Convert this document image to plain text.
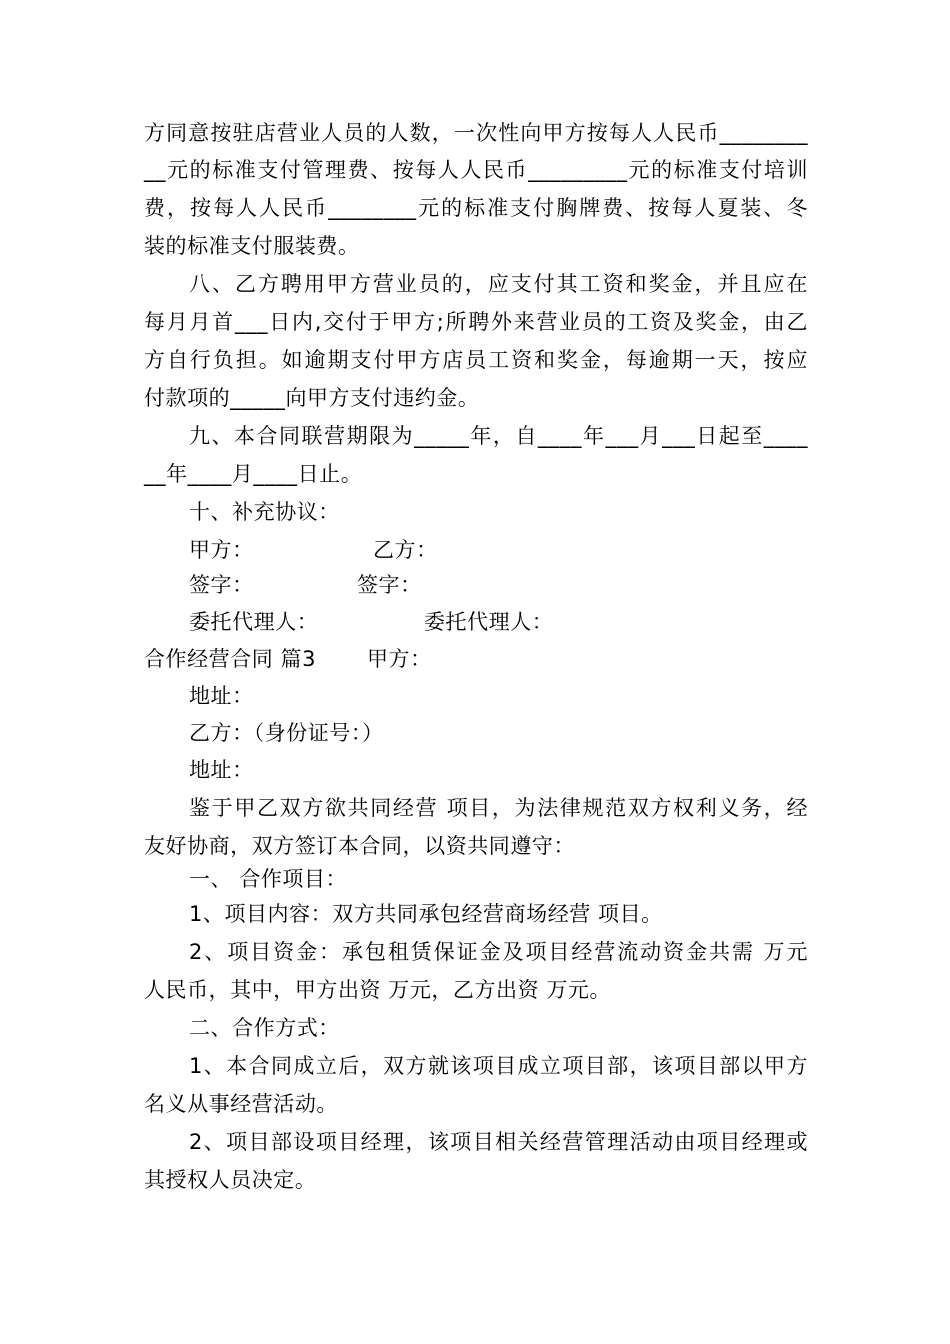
方同意按驻店营业人员的人数，一次性向甲方按每人人民币________
__元的标准支付管理费、按每人人民币_________元的标准支付培训
费，按每人人民币________元的标准支付胸牌费、按每人夏装、冬
装的标准支付服装费。
八、乙方聘用甲方营业员的，应支付其工资和奖金，并且应在
每月月首___日内,交付于甲方;所聘外来营业员的工资及奖金，由乙
方自行负担。如逾期支付甲方店员工资和奖金，每逾期一天，按应
付款项的_____向甲方支付违约金。
九、本合同联营期限为_____年，自____年___月___日起至____
__年____月____日止。
十、补充协议：
甲方：	乙方：
签字：	签字：
委托代理人：	委托代理人：
合作经营合同 篇3 甲方：
地址：
乙方：（身份证号：）
地址：
鉴于甲乙双方欲共同经营 项目，为法律规范双方权利义务，经
友好协商，双方签订本合同，以资共同遵守：
一、 合作项目：
1、项目内容：双方共同承包经营商场经营 项目。
2、项目资金：承包租赁保证金及项目经营流动资金共需 万元
人民币，其中，甲方出资 万元，乙方出资 万元。
二、合作方式：
1、本合同成立后，双方就该项目成立项目部，该项目部以甲方
名义从事经营活动。
2、项目部设项目经理，该项目相关经营管理活动由项目经理或
其授权人员决定。
